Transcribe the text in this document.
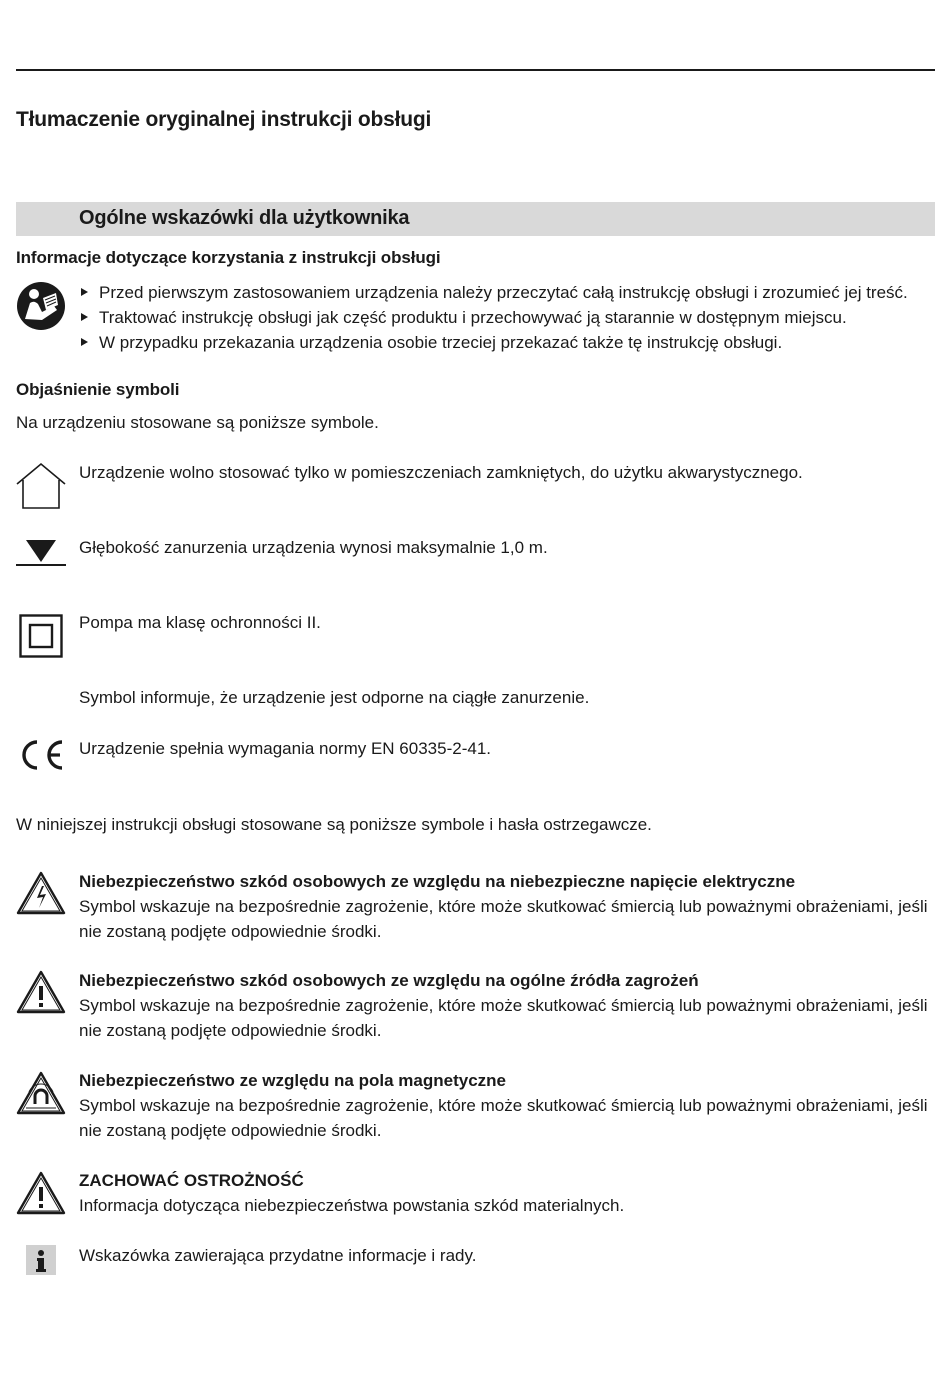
Tłumaczenie oryginalnej instrukcji obsługi
Ogólne wskazówki dla użytkownika
Informacje dotyczące korzystania z instrukcji obsługi
Przed pierwszym zastosowaniem urządzenia należy przeczytać całą instrukcję obsługi i zrozumieć jej treść.
Traktować instrukcję obsługi jak część produktu i przechowywać ją starannie w dostępnym miejscu.
W przypadku przekazania urządzenia osobie trzeciej przekazać także tę instrukcję obsługi.
Objaśnienie symboli
Na urządzeniu stosowane są poniższe symbole.
Urządzenie wolno stosować tylko w pomieszczeniach zamkniętych, do użytku akwarystycznego.
Głębokość zanurzenia urządzenia wynosi maksymalnie 1,0 m.
Pompa ma klasę ochronności II.
Symbol informuje, że urządzenie jest odporne na ciągłe zanurzenie.
Urządzenie spełnia wymagania normy EN 60335-2-41.
W niniejszej instrukcji obsługi stosowane są poniższe symbole i hasła ostrzegawcze.
Niebezpieczeństwo szkód osobowych ze względu na niebezpieczne napięcie elektryczne
Symbol wskazuje na bezpośrednie zagrożenie, które może skutkować śmiercią lub poważnymi obrażeniami, jeśli
nie zostaną podjęte odpowiednie środki.
Niebezpieczeństwo szkód osobowych ze względu na ogólne źródła zagrożeń
Symbol wskazuje na bezpośrednie zagrożenie, które może skutkować śmiercią lub poważnymi obrażeniami, jeśli
nie zostaną podjęte odpowiednie środki.
Niebezpieczeństwo ze względu na pola magnetyczne
Symbol wskazuje na bezpośrednie zagrożenie, które może skutkować śmiercią lub poważnymi obrażeniami, jeśli
nie zostaną podjęte odpowiednie środki.
ZACHOWAĆ OSTROŻNOŚĆ
Informacja dotycząca niebezpieczeństwa powstania szkód materialnych.
Wskazówka zawierająca przydatne informacje i rady.
